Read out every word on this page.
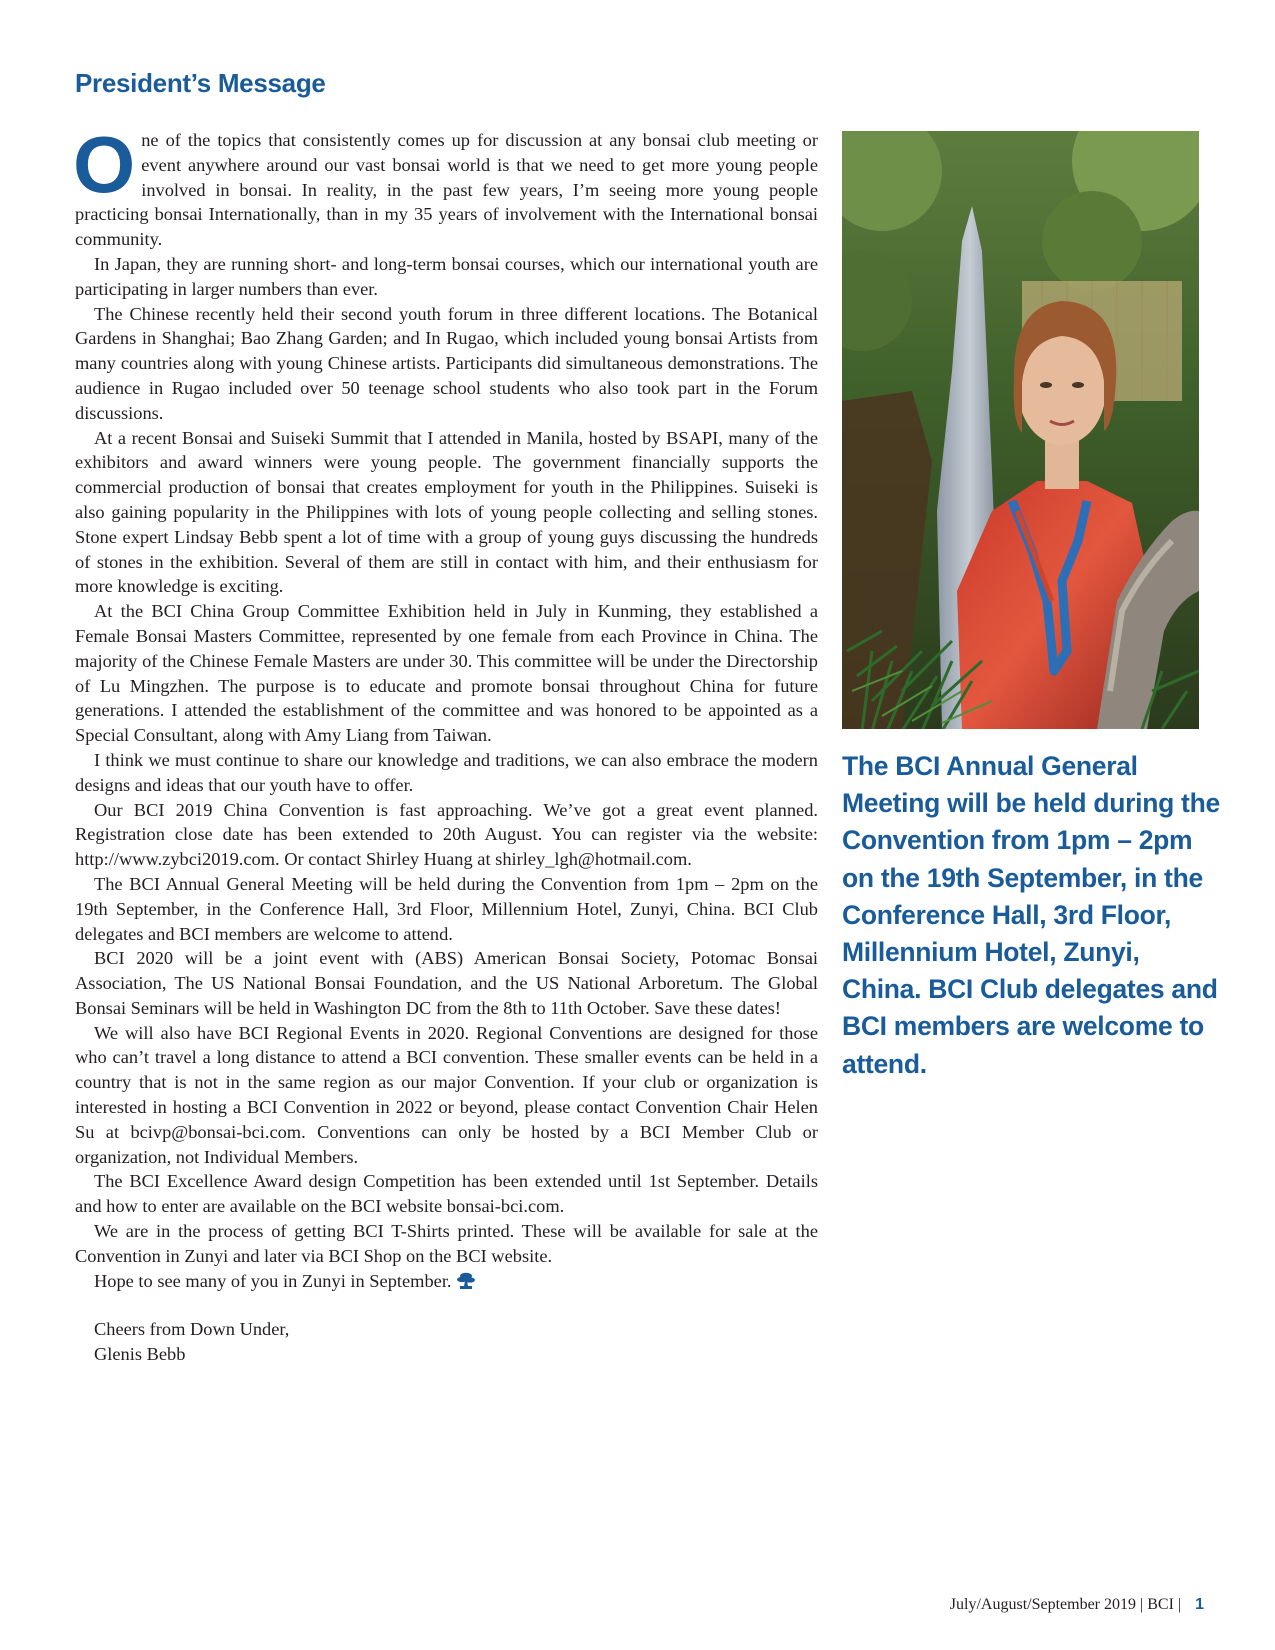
President’s Message

One of the topics that consistently comes up for discussion at any bonsai club meeting or event anywhere around our vast bonsai world is that we need to get more young people involved in bonsai. In reality, in the past few years, I’m seeing more young people practicing bonsai Internationally, than in my 35 years of involvement with the International bonsai community.

In Japan, they are running short- and long-term bonsai courses, which our international youth are participating in larger numbers than ever.

The Chinese recently held their second youth forum in three different locations. The Botanical Gardens in Shanghai; Bao Zhang Garden; and In Rugao, which included young bonsai Artists from many countries along with young Chinese artists. Participants did simultaneous demonstrations. The audience in Rugao included over 50 teenage school students who also took part in the Forum discussions.

At a recent Bonsai and Suiseki Summit that I attended in Manila, hosted by BSAPI, many of the exhibitors and award winners were young people. The government financially supports the commercial production of bonsai that creates employment for youth in the Philippines. Suiseki is also gaining popularity in the Philippines with lots of young people collecting and selling stones. Stone expert Lindsay Bebb spent a lot of time with a group of young guys discussing the hundreds of stones in the exhibition. Several of them are still in contact with him, and their enthusiasm for more knowledge is exciting.

At the BCI China Group Committee Exhibition held in July in Kunming, they established a Female Bonsai Masters Committee, represented by one female from each Province in China. The majority of the Chinese Female Masters are under 30. This committee will be under the Directorship of Lu Mingzhen. The purpose is to educate and promote bonsai throughout China for future generations. I attended the establishment of the committee and was honored to be appointed as a Special Consultant, along with Amy Liang from Taiwan.

I think we must continue to share our knowledge and traditions, we can also embrace the modern designs and ideas that our youth have to offer.

Our BCI 2019 China Convention is fast approaching. We’ve got a great event planned. Registration close date has been extended to 20th August. You can register via the website: http://www.zybci2019.com. Or contact Shirley Huang at shirley_lgh@hotmail.com.

The BCI Annual General Meeting will be held during the Convention from 1pm – 2pm on the 19th September, in the Conference Hall, 3rd Floor, Millennium Hotel, Zunyi, China. BCI Club delegates and BCI members are welcome to attend.

BCI 2020 will be a joint event with (ABS) American Bonsai Society, Potomac Bonsai Association, The US National Bonsai Foundation, and the US National Arboretum. The Global Bonsai Seminars will be held in Washington DC from the 8th to 11th October. Save these dates!

We will also have BCI Regional Events in 2020. Regional Conventions are designed for those who can’t travel a long distance to attend a BCI convention. These smaller events can be held in a country that is not in the same region as our major Convention. If your club or organization is interested in hosting a BCI Convention in 2022 or beyond, please contact Convention Chair Helen Su at bcivp@bonsai-bci.com. Conventions can only be hosted by a BCI Member Club or organization, not Individual Members.

The BCI Excellence Award design Competition has been extended until 1st September. Details and how to enter are available on the BCI website bonsai-bci.com.

We are in the process of getting BCI T-Shirts printed. These will be available for sale at the Convention in Zunyi and later via BCI Shop on the BCI website.

Hope to see many of you in Zunyi in September.

Cheers from Down Under,

Glenis Bebb

The BCI Annual General Meeting will be held during the Convention from 1pm – 2pm on the 19th September, in the Conference Hall, 3rd Floor, Millennium Hotel, Zunyi, China. BCI Club delegates and BCI members are welcome to attend.

July/August/September 2019 | BCI | 1
